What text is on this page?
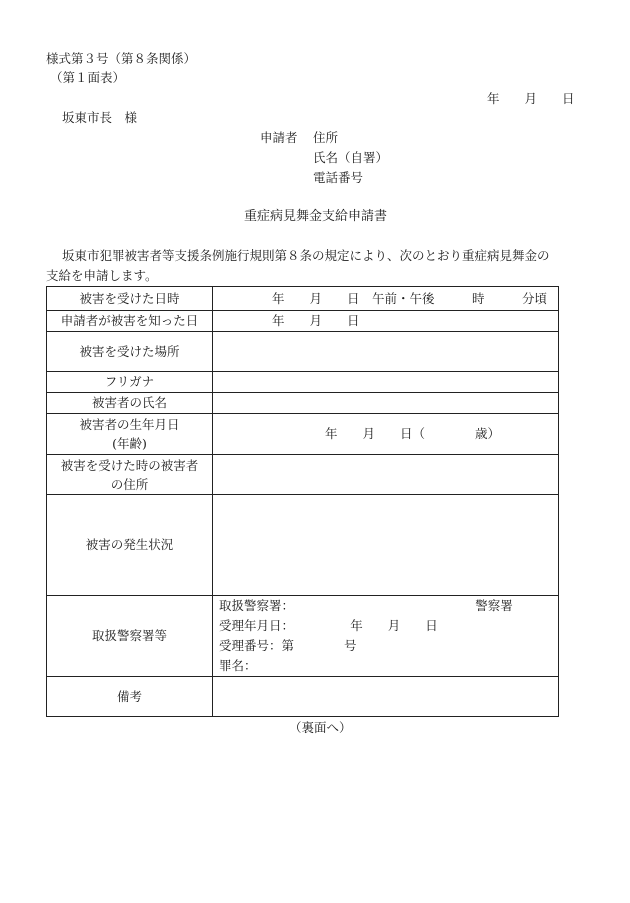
様式第３号（第８条関係）
（第１面表）
年　　月　　日
坂東市長　様
申請者 住所
氏名（自署）
電話番号
重症病見舞金支給申請書
坂東市犯罪被害者等支援条例施行規則第８条の規定により、次のとおり重症病見舞金の
支給を申請します。
被害を受けた日時	年　　月　　日　午前・午後　　　時　　　分頃
申請者が被害を知った日	年　　月　　日
被害を受けた場所	
フリガナ	
被害者の氏名	

被害者の生年月日
(年齢)	年　　月　　日（　　　　歳）

被害を受けた時の被害者
の住所	

被害の発生状況	
取扱警察署等	取扱警察署：　　　　　　　　　　　　　　　警察署
受理年月日：　　　　　年　　月　　日
受理番号：第　　　　号
罪名：

備考	
（裏面へ）
